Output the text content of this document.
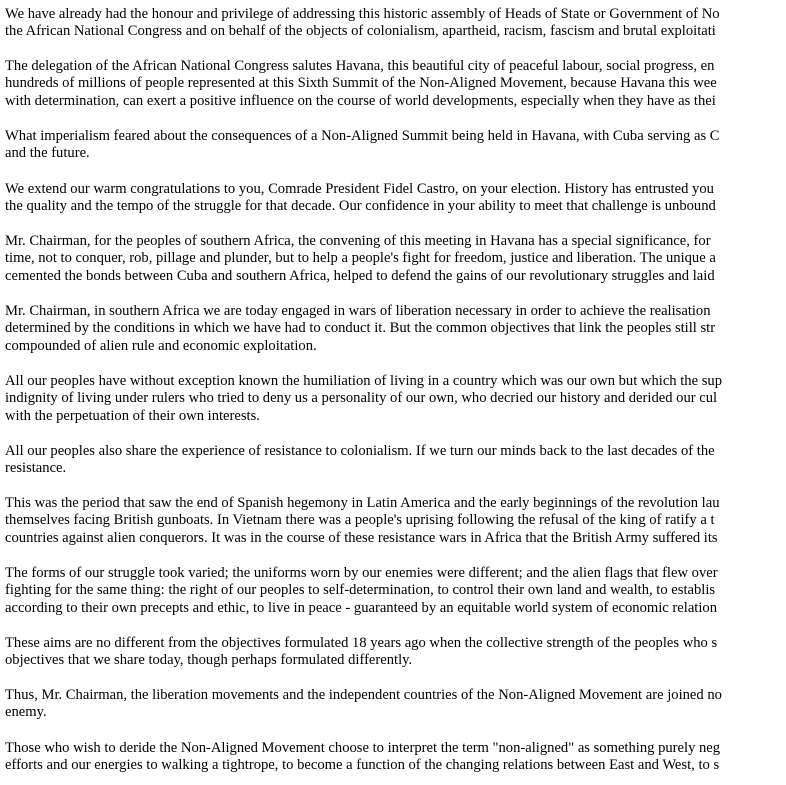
We have already had the honour and privilege of addressing this historic assembly of Heads of State or Government of No
the African National Congress and on behalf of the objects of colonialism, apartheid, racism, fascism and brutal exploitati

The delegation of the African National Congress salutes Havana, this beautiful city of peaceful labour, social progress, en
hundreds of millions of people represented at this Sixth Summit of the Non-Aligned Movement, because Havana this wee
with determination, can exert a positive influence on the course of world developments, especially when they have as thei

What imperialism feared about the consequences of a Non-Aligned Summit being held in Havana, with Cuba serving as C
and the future.

We extend our warm congratulations to you, Comrade President Fidel Castro, on your election. History has entrusted you
the quality and the tempo of the struggle for that decade. Our confidence in your ability to meet that challenge is unbound

Mr. Chairman, for the peoples of southern Africa, the convening of this meeting in Havana has a special significance, for
time, not to conquer, rob, pillage and plunder, but to help a people's fight for freedom, justice and liberation. The unique a
cemented the bonds between Cuba and southern Africa, helped to defend the gains of our revolutionary struggles and laid

Mr. Chairman, in southern Africa we are today engaged in wars of liberation necessary in order to achieve the realisation
determined by the conditions in which we have had to conduct it. But the common objectives that link the peoples still str
compounded of alien rule and economic exploitation.

All our peoples have without exception known the humiliation of living in a country which was our own but which the sup
indignity of living under rulers who tried to deny us a personality of our own, who decried our history and derided our cul
with the perpetuation of their own interests.

All our peoples also share the experience of resistance to colonialism. If we turn our minds back to the last decades of the
resistance.

This was the period that saw the end of Spanish hegemony in Latin America and the early beginnings of the revolution lau
themselves facing British gunboats. In Vietnam there was a people's uprising following the refusal of the king of ratify a t
countries against alien conquerors. It was in the course of these resistance wars in Africa that the British Army suffered its

The forms of our struggle took varied; the uniforms worn by our enemies were different; and the alien flags that flew over
fighting for the same thing: the right of our peoples to self-determination, to control their own land and wealth, to establis
according to their own precepts and ethic, to live in peace - guaranteed by an equitable world system of economic relation

These aims are no different from the objectives formulated 18 years ago when the collective strength of the peoples who s
objectives that we share today, though perhaps formulated differently.

Thus, Mr. Chairman, the liberation movements and the independent countries of the Non-Aligned Movement are joined no
enemy.

Those who wish to deride the Non-Aligned Movement choose to interpret the term "non-aligned" as something purely neg
efforts and our energies to walking a tightrope, to become a function of the changing relations between East and West, to s
